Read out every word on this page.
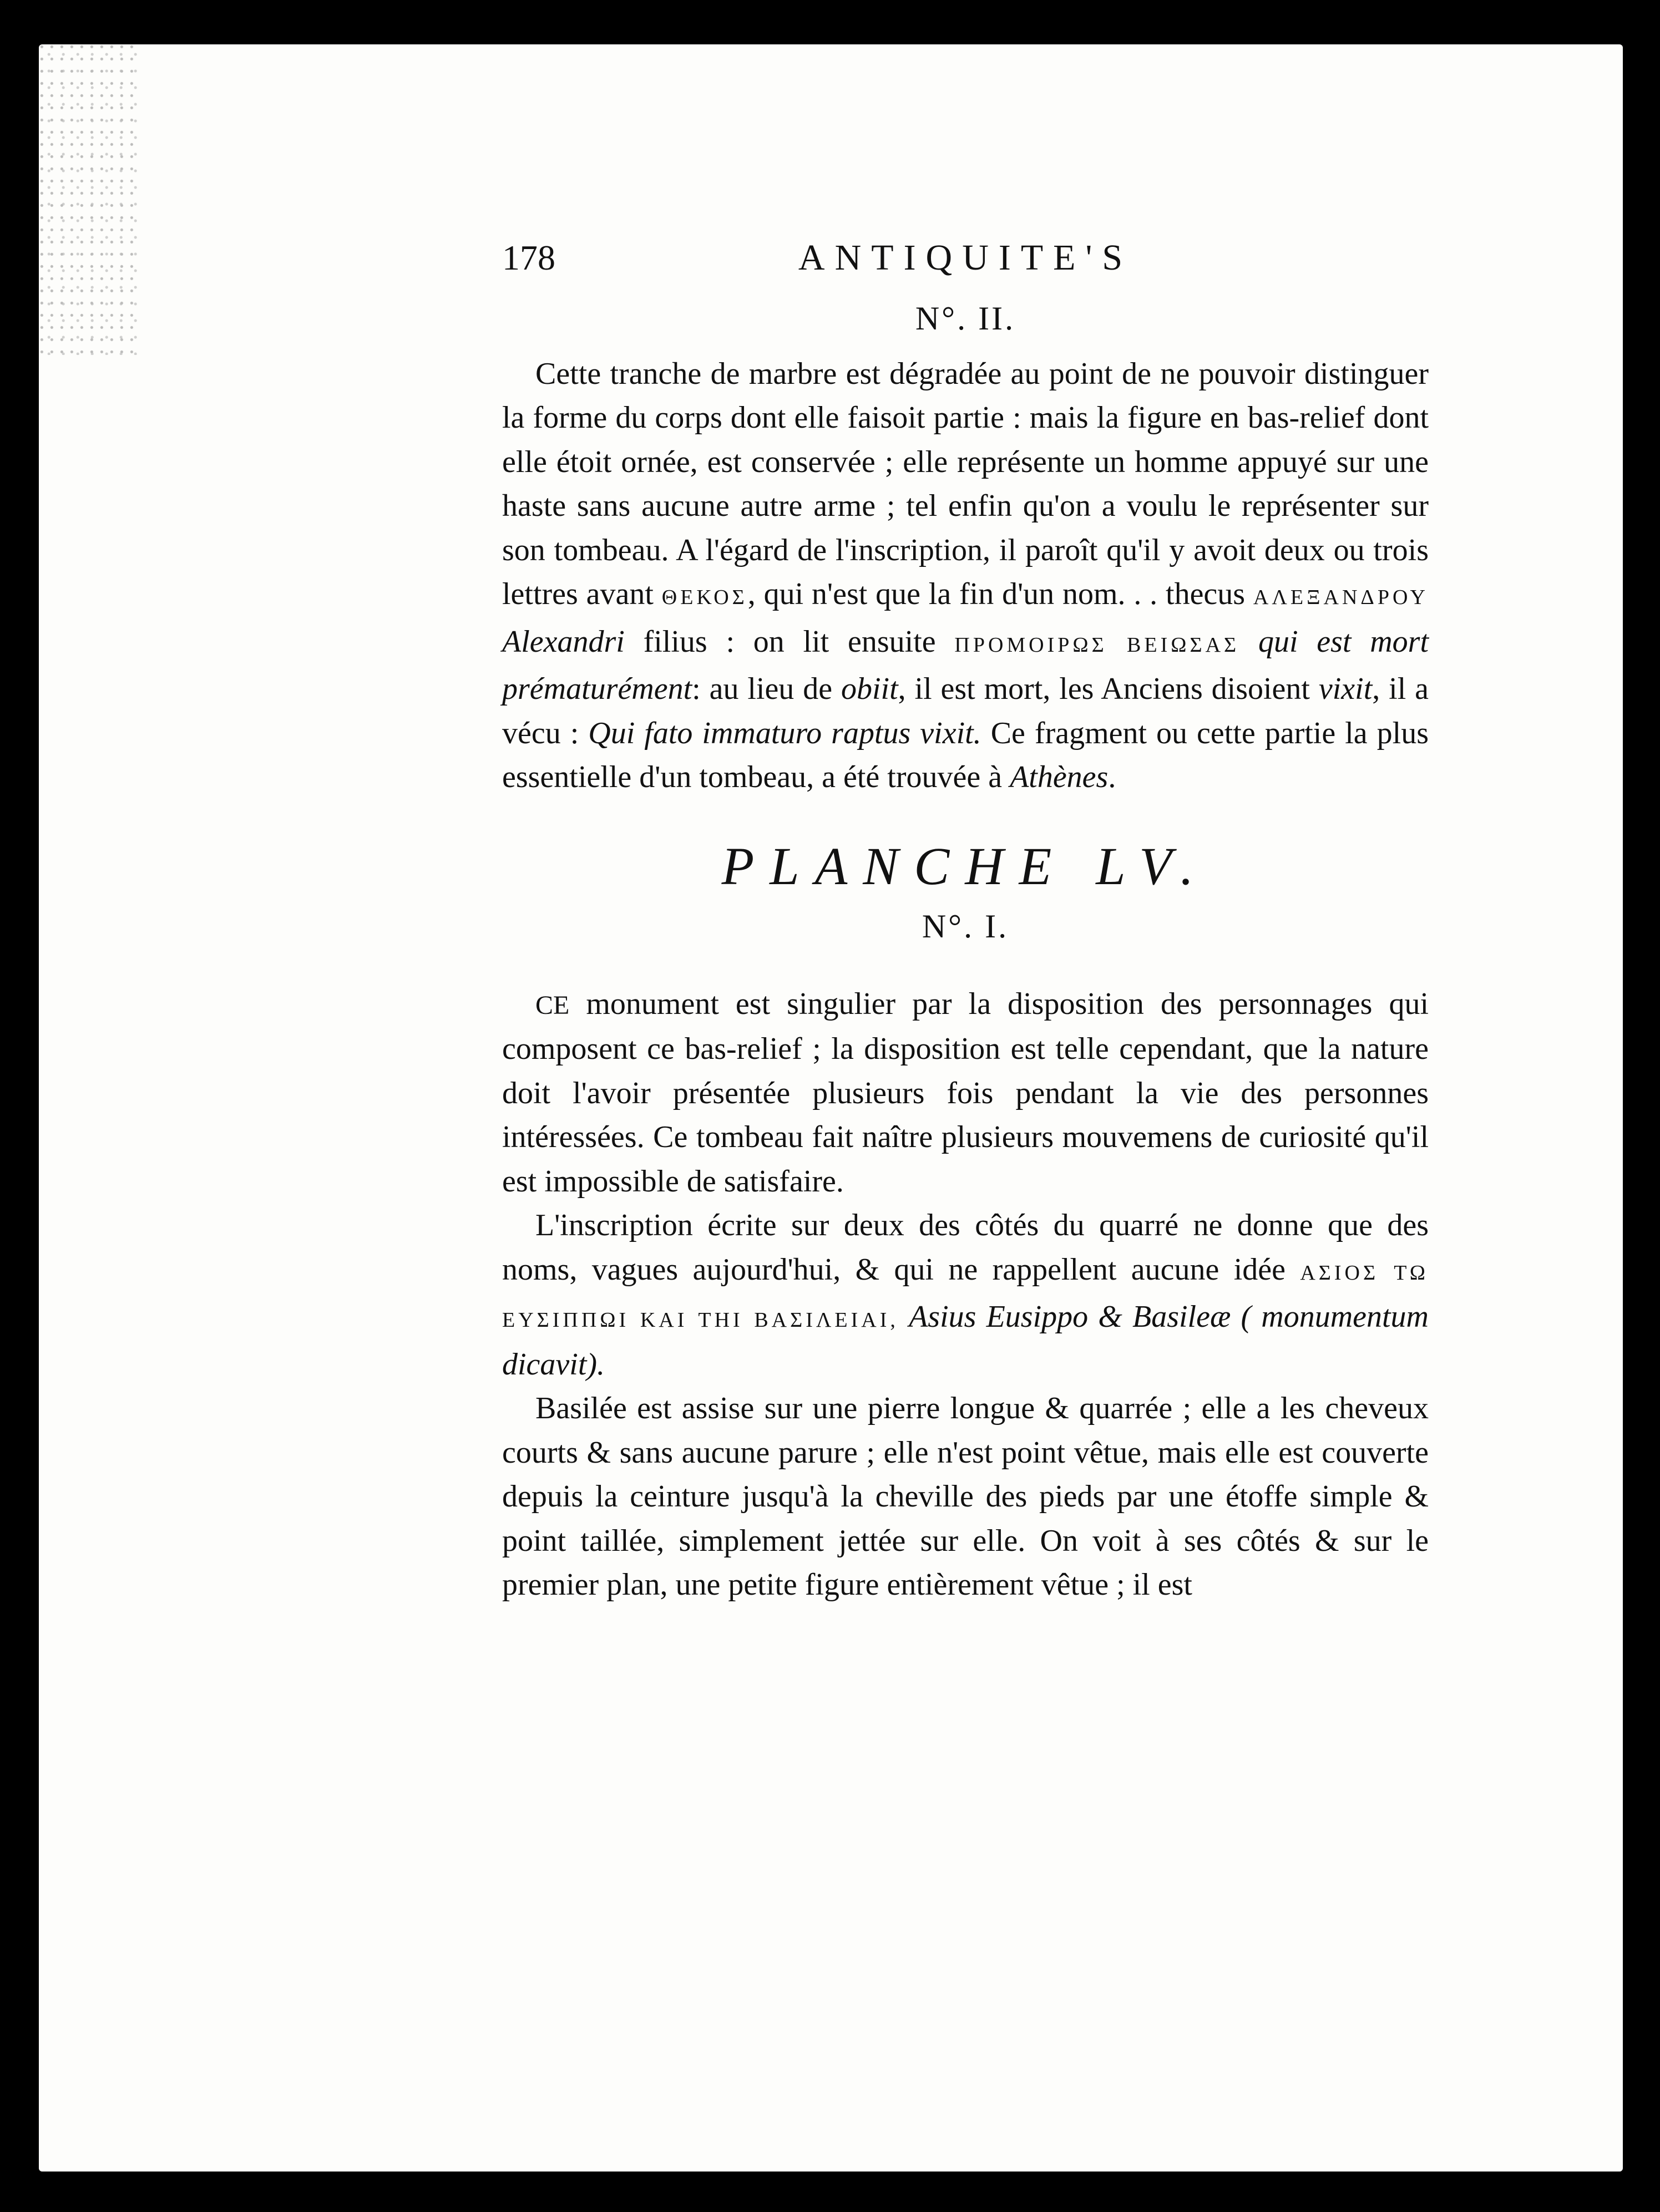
178	ANTIQUITE'S
N°. II.

Cette tranche de marbre est dégradée au point de ne pouvoir distinguer la forme du corps dont elle faisoit partie : mais la figure en bas-relief dont elle étoit ornée, est conservée ; elle représente un homme appuyé sur une haste sans aucune autre arme ; tel enfin qu'on a voulu le représenter sur son tombeau. A l'égard de l'inscription, il paroît qu'il y avoit deux ou trois lettres avant ΘΕΚΟΣ, qui n'est que la fin d'un nom. . . thecus ΑΛΕΞΑΝΔΡΟΥ Alexandri filius : on lit ensuite ΠΡΟΜΟΙΡΩΣ ΒΕΙΩΣΑΣ qui est mort prématurément: au lieu de obiit, il est mort, les Anciens disoient vixit, il a vécu : Qui fato immaturo raptus vixit. Ce fragment ou cette partie la plus essentielle d'un tombeau, a été trouvée à Athènes.

PLANCHE LV.
N°. I.

CE monument est singulier par la disposition des personnages qui composent ce bas-relief ; la disposition est telle cependant, que la nature doit l'avoir présentée plusieurs fois pendant la vie des personnes intéressées. Ce tombeau fait naître plusieurs mouvemens de curiosité qu'il est impossible de satisfaire.

L'inscription écrite sur deux des côtés du quarré ne donne que des noms, vagues aujourd'hui, & qui ne rappellent aucune idée ΑΣΙΟΣ ΤΩ ΕΥΣΙΠΠΩΙ ΚΑΙ ΤΗΙ ΒΑΣΙΛΕΙΑΙ, Asius Eusippo & Basileæ ( monumentum dicavit).

Basilée est assise sur une pierre longue & quarrée ; elle a les cheveux courts & sans aucune parure ; elle n'est point vêtue, mais elle est couverte depuis la ceinture jusqu'à la cheville des pieds par une étoffe simple & point taillée, simplement jettée sur elle. On voit à ses côtés & sur le premier plan, une petite figure entièrement vêtue ; il est
